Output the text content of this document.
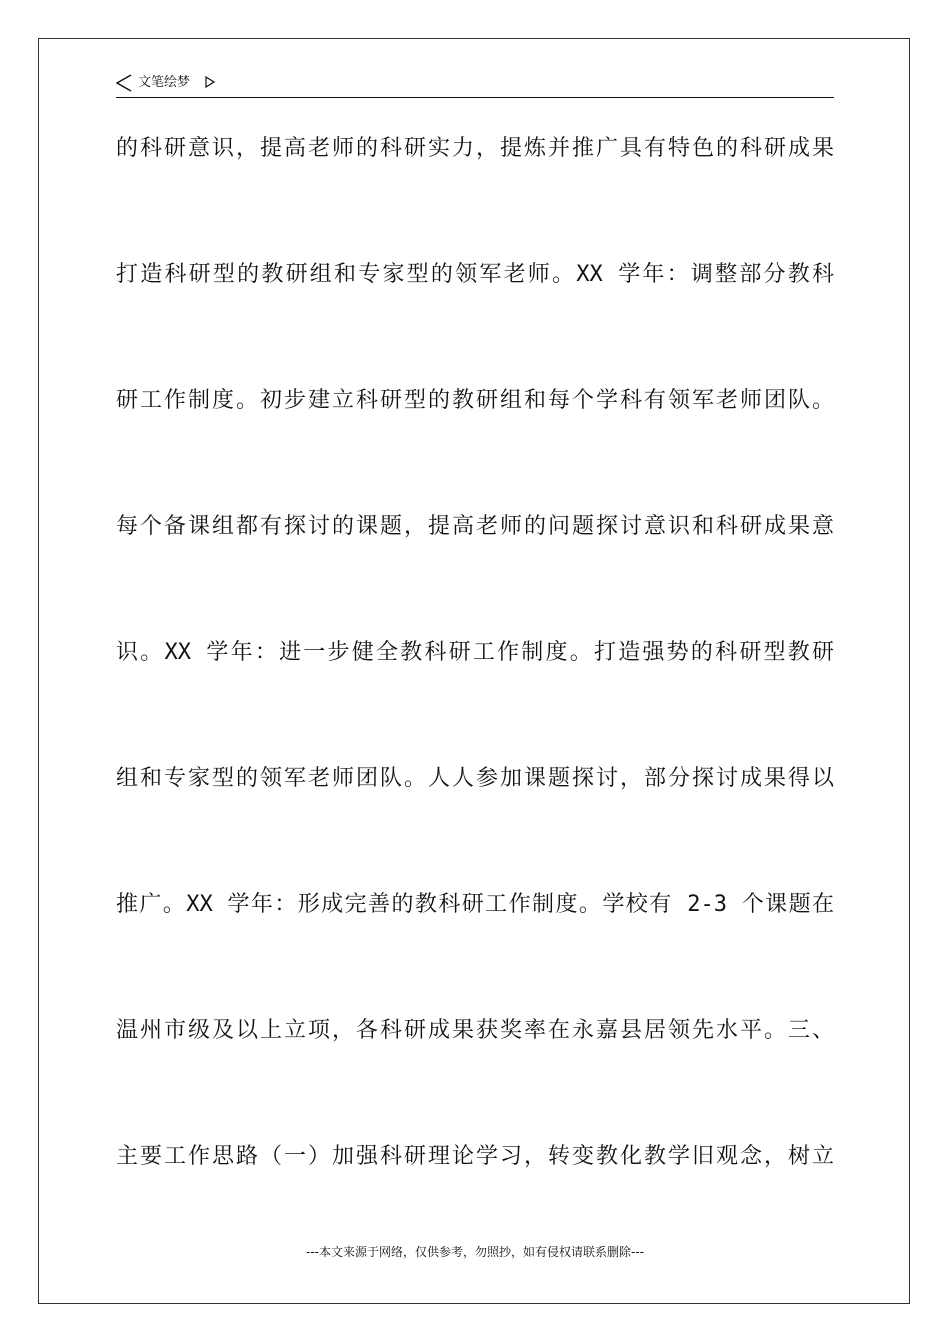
文笔绘梦
的科研意识，提高老师的科研实力，提炼并推广具有特色的科研成果
打造科研型的教研组和专家型的领军老师。XX 学年：调整部分教科
研工作制度。初步建立科研型的教研组和每个学科有领军老师团队。
每个备课组都有探讨的课题，提高老师的问题探讨意识和科研成果意
识。XX 学年：进一步健全教科研工作制度。打造强势的科研型教研
组和专家型的领军老师团队。人人参加课题探讨，部分探讨成果得以
推广。XX 学年：形成完善的教科研工作制度。学校有 2-3 个课题在
温州市级及以上立项，各科研成果获奖率在永嘉县居领先水平。三、
主要工作思路（一）加强科研理论学习，转变教化教学旧观念，树立
---本文来源于网络，仅供参考，勿照抄，如有侵权请联系删除---
